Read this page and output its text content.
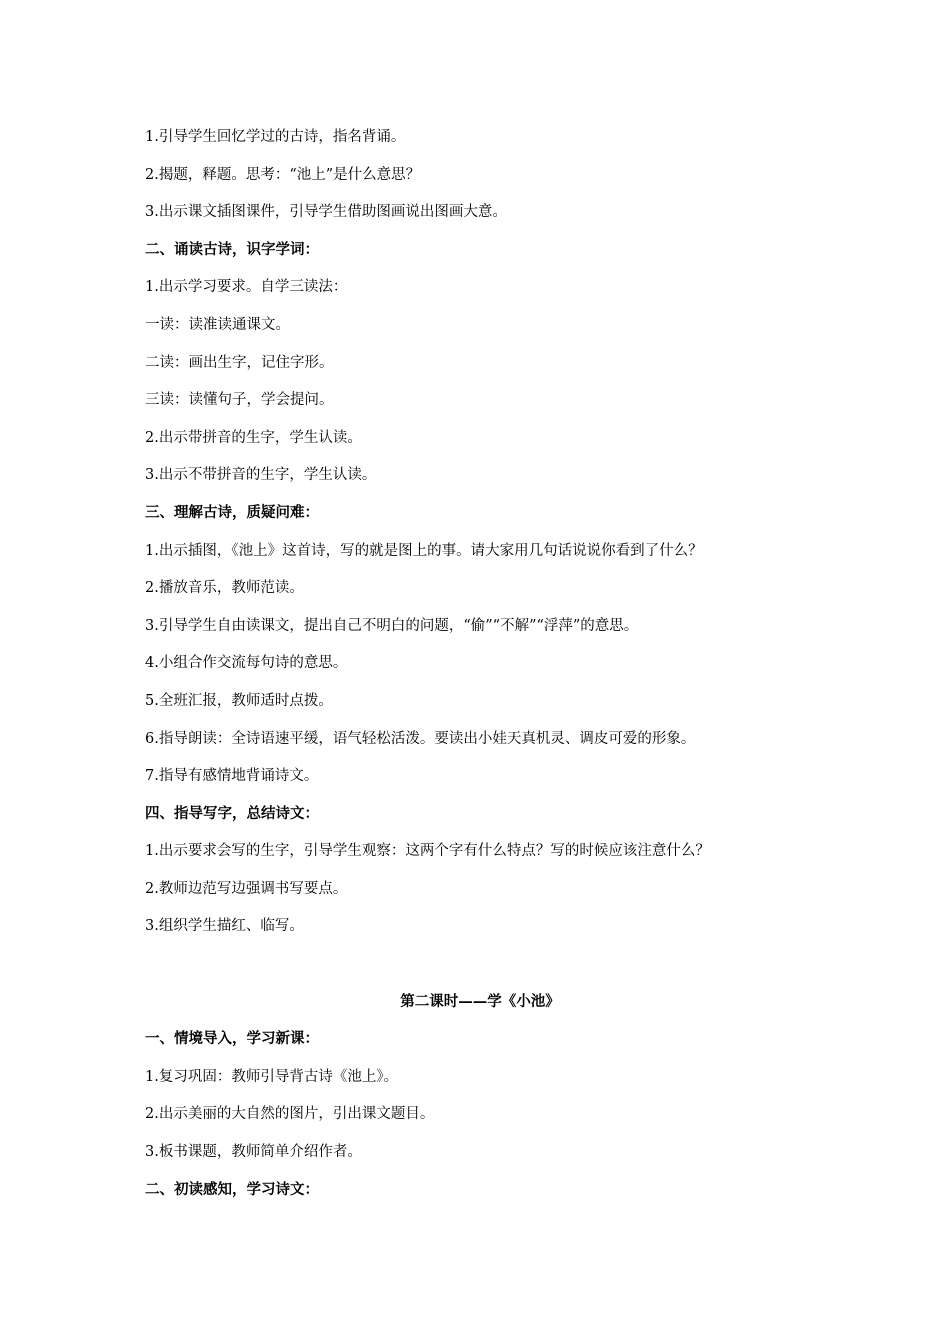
1.引导学生回忆学过的古诗，指名背诵。
2.揭题，释题。思考：“池上”是什么意思？
3.出示课文插图课件，引导学生借助图画说出图画大意。
二、诵读古诗，识字学词：
1.出示学习要求。自学三读法：
一读：读准读通课文。
二读：画出生字，记住字形。
三读：读懂句子，学会提问。
2.出示带拼音的生字，学生认读。
3.出示不带拼音的生字，学生认读。
三、理解古诗，质疑问难：
1.出示插图，《池上》这首诗，写的就是图上的事。请大家用几句话说说你看到了什么？
2.播放音乐，教师范读。
3.引导学生自由读课文，提出自己不明白的问题，“偷”“不解”“浮萍”的意思。
4.小组合作交流每句诗的意思。
5.全班汇报，教师适时点拨。
6.指导朗读：全诗语速平缓，语气轻松活泼。要读出小娃天真机灵、调皮可爱的形象。
7.指导有感情地背诵诗文。
四、指导写字，总结诗文：
1.出示要求会写的生字，引导学生观察：这两个字有什么特点？写的时候应该注意什么？
2.教师边范写边强调书写要点。
3.组织学生描红、临写。
第二课时——学《小池》
一、情境导入，学习新课：
1.复习巩固：教师引导背古诗《池上》。
2.出示美丽的大自然的图片，引出课文题目。
3.板书课题，教师简单介绍作者。
二、初读感知，学习诗文：
